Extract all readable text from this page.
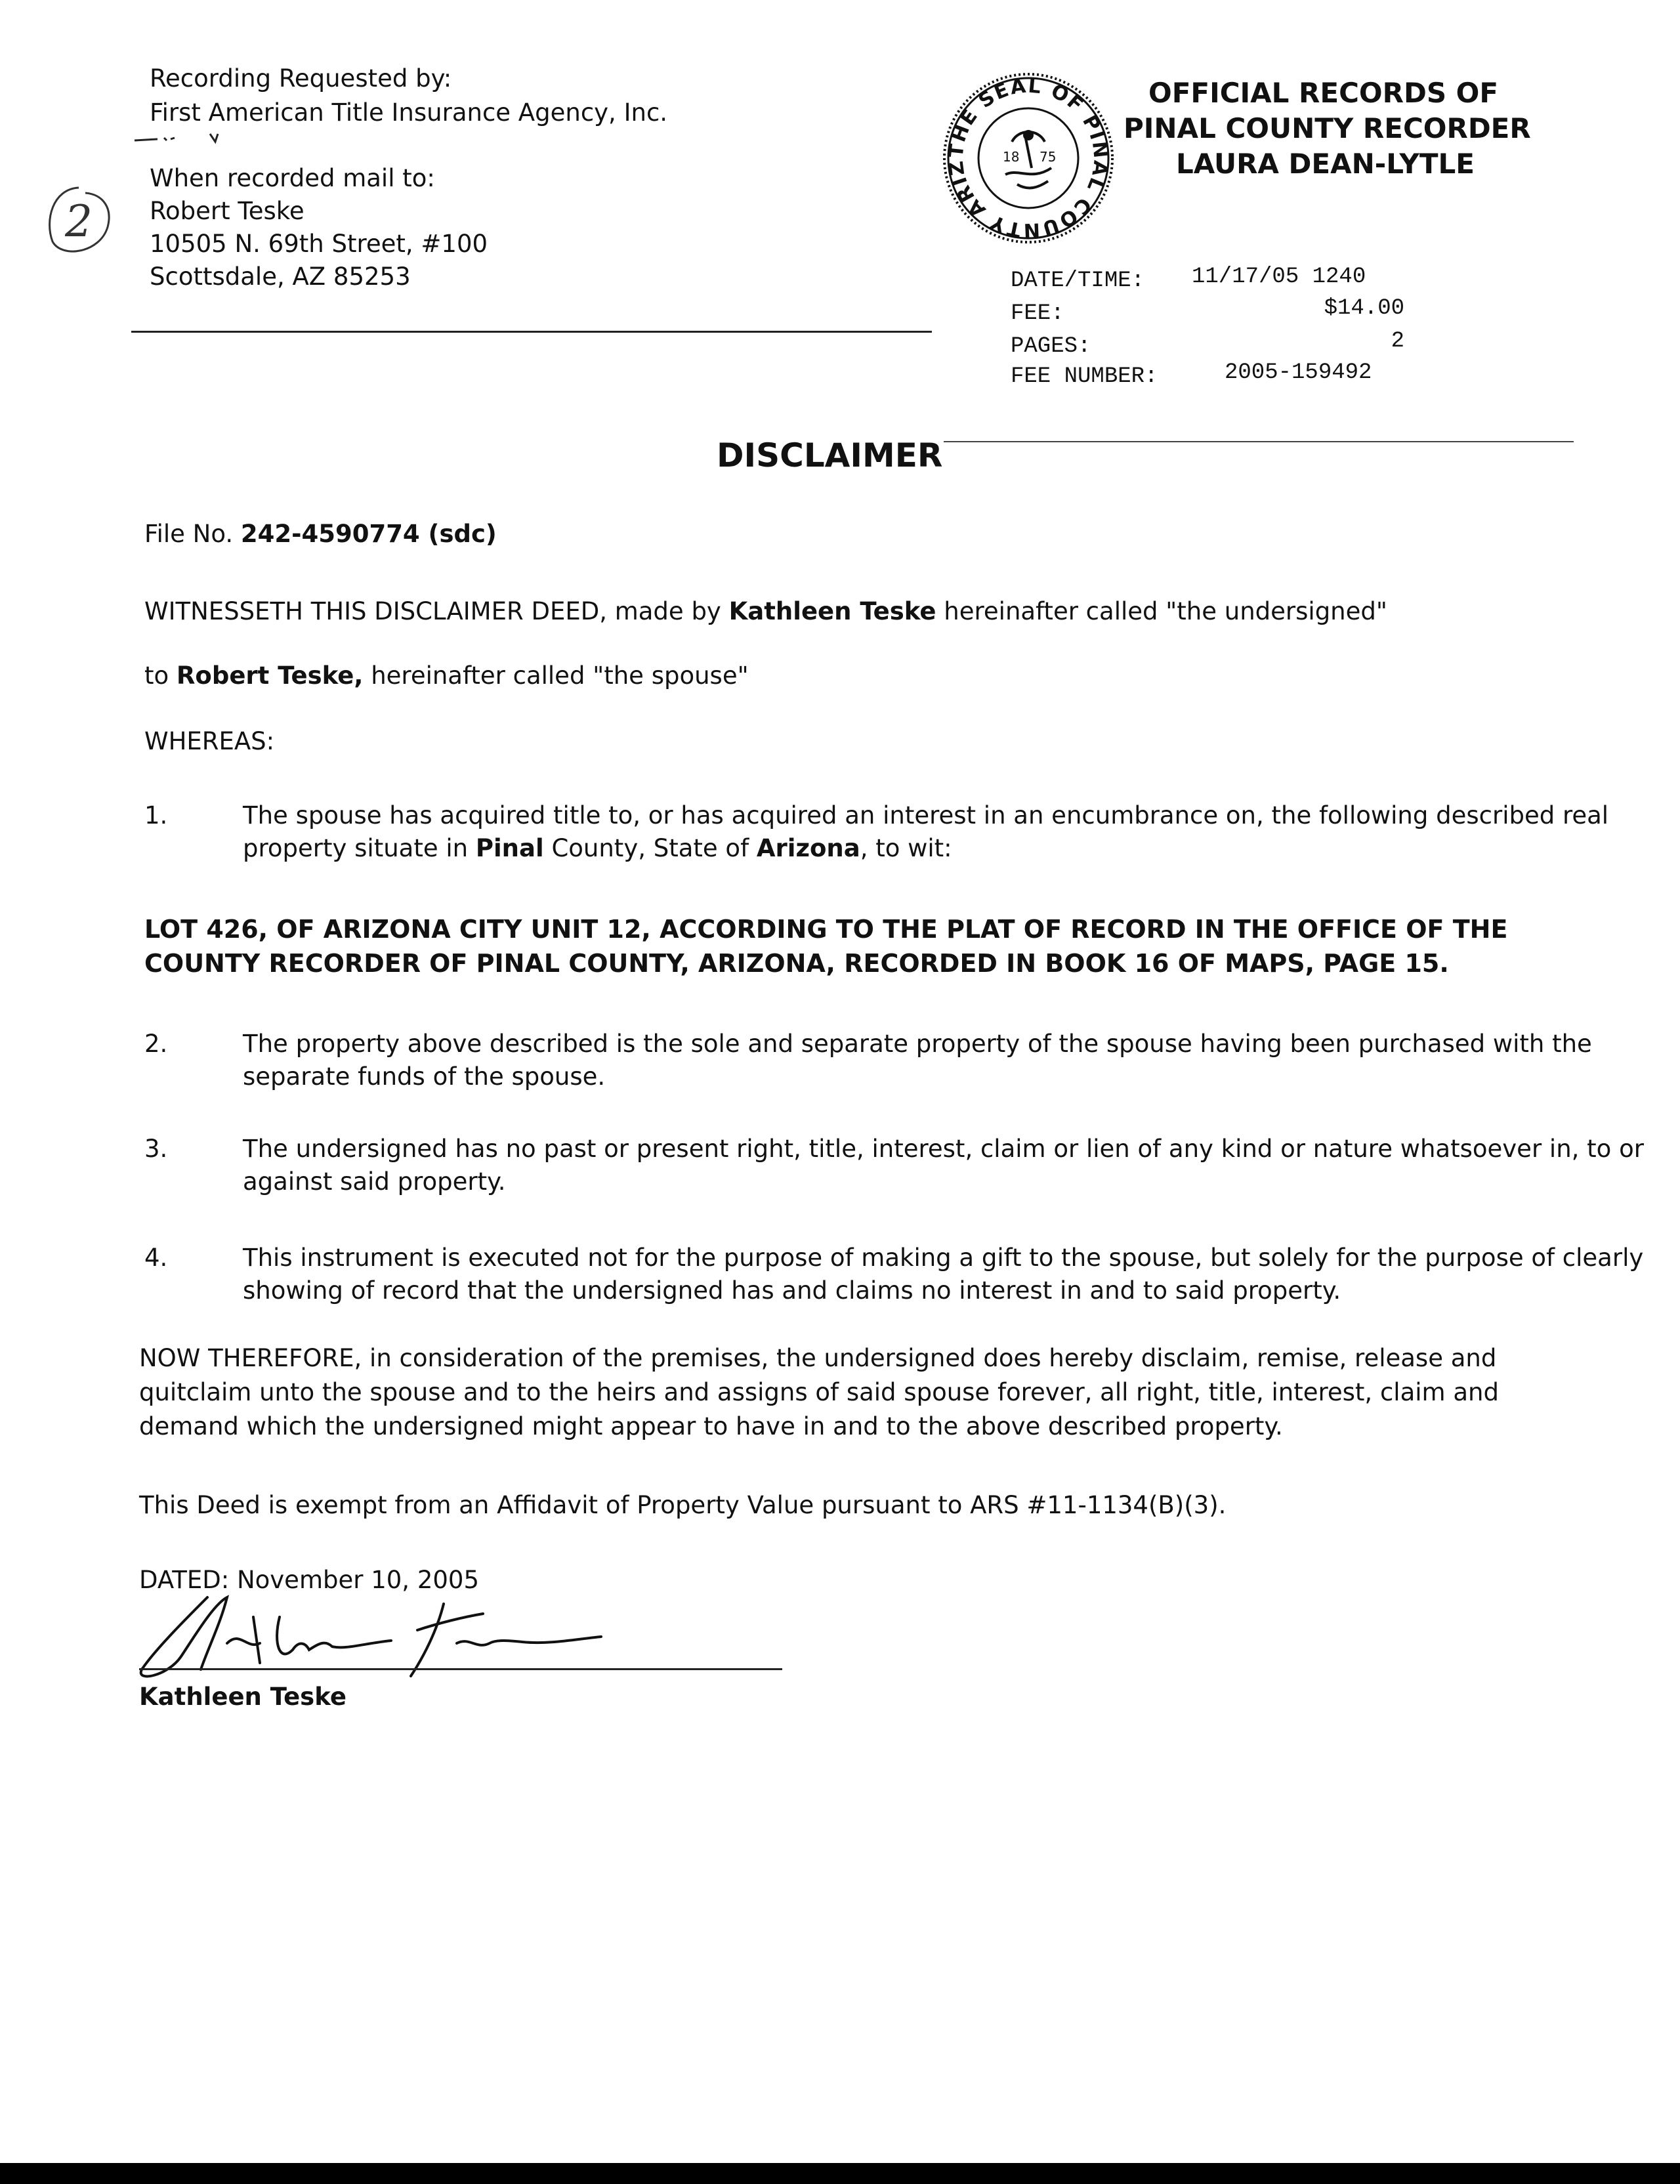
Recording Requested by:
First American Title Insurance Agency, Inc.
When recorded mail to:
Robert Teske
10505 N. 69th Street, #100
Scottsdale, AZ 85253
2
THE SEAL OF PINAL COUNTY ARIZ
18 75
OFFICIAL RECORDS OF
PINAL COUNTY RECORDER
LAURA DEAN-LYTLE
DATE/TIME: 11/17/05 1240
FEE:	$14.00
PAGES:	2
FEE NUMBER:	2005-159492
DISCLAIMER
File No. 242-4590774 (sdc)
WITNESSETH THIS DISCLAIMER DEED, made by Kathleen Teske hereinafter called "the undersigned"
to Robert Teske, hereinafter called "the spouse"
WHEREAS:
1.	The spouse has acquired title to, or has acquired an interest in an encumbrance on, the following described real property situate in Pinal County, State of Arizona, to wit:
LOT 426, OF ARIZONA CITY UNIT 12, ACCORDING TO THE PLAT OF RECORD IN THE OFFICE OF THE
COUNTY RECORDER OF PINAL COUNTY, ARIZONA, RECORDED IN BOOK 16 OF MAPS, PAGE 15.
2.	The property above described is the sole and separate property of the spouse having been purchased with the separate funds of the spouse.
3.	The undersigned has no past or present right, title, interest, claim or lien of any kind or nature whatsoever in, to or against said property.
4.	This instrument is executed not for the purpose of making a gift to the spouse, but solely for the purpose of clearly showing of record that the undersigned has and claims no interest in and to said property.
NOW THEREFORE, in consideration of the premises, the undersigned does hereby disclaim, remise, release and
quitclaim unto the spouse and to the heirs and assigns of said spouse forever, all right, title, interest, claim and
demand which the undersigned might appear to have in and to the above described property.
This Deed is exempt from an Affidavit of Property Value pursuant to ARS #11-1134(B)(3).
DATED: November 10, 2005
Kathleen Teske
